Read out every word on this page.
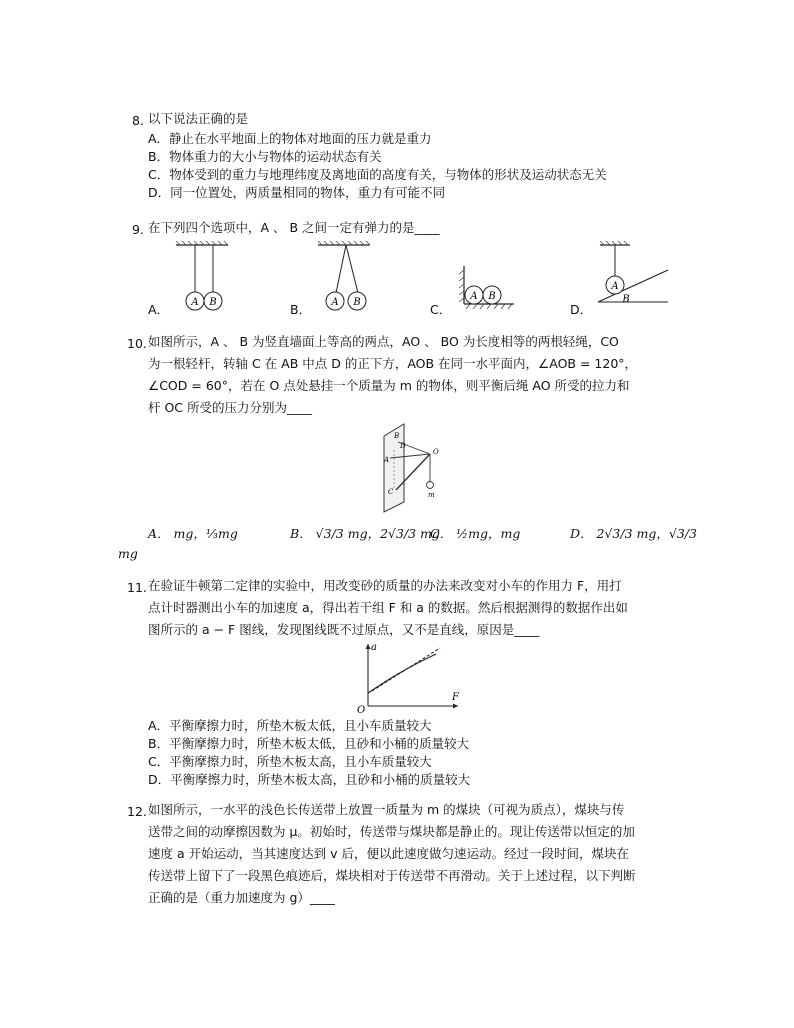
8. 以下说法正确的是
A．静止在水平地面上的物体对地面的压力就是重力
B．物体重力的大小与物体的运动状态有关
C．物体受到的重力与地理纬度及离地面的高度有关，与物体的形状及运动状态无关
D．同一位置处，两质量相同的物体，重力有可能不同
9. 在下列四个选项中，A 、 B 之间一定有弹力的是____
A．	B．	C．	D．
A B	A B
A B
A
B
10. 如图所示，A 、 B 为竖直墙面上等高的两点，AO 、 BO 为长度相等的两根轻绳，CO
为一根轻杆，转轴 C 在 AB 中点 D 的正下方，AOB 在同一水平面内，∠AOB = 120°，
∠COD = 60°，若在 O 点处悬挂一个质量为 m 的物体，则平衡后绳 AO 所受的拉力和
杆 OC 所受的压力分别为____
B
D
A
O
C	m
A． mg，⅓mg	B． √3/3 mg，2√3/3 mg
C． ½mg，mg	D． 2√3/3 mg，√3/3
mg
11. 在验证牛顿第二定律的实验中，用改变砂的质量的办法来改变对小车的作用力 F，用打
点计时器测出小车的加速度 a，得出若干组 F 和 a 的数据。然后根据测得的数据作出如
图所示的 a − F 图线，发现图线既不过原点，又不是直线，原因是____
a
F
O
A．平衡摩擦力时，所垫木板太低，且小车质量较大
B．平衡摩擦力时，所垫木板太低，且砂和小桶的质量较大
C．平衡摩擦力时，所垫木板太高，且小车质量较大
D．平衡摩擦力时，所垫木板太高，且砂和小桶的质量较大
12. 如图所示，一水平的浅色长传送带上放置一质量为 m 的煤块（可视为质点），煤块与传
送带之间的动摩擦因数为 μ。初始时，传送带与煤块都是静止的。现让传送带以恒定的加
速度 a 开始运动，当其速度达到 v 后，便以此速度做匀速运动。经过一段时间，煤块在
传送带上留下了一段黑色痕迹后，煤块相对于传送带不再滑动。关于上述过程，以下判断
正确的是（重力加速度为 g）____
